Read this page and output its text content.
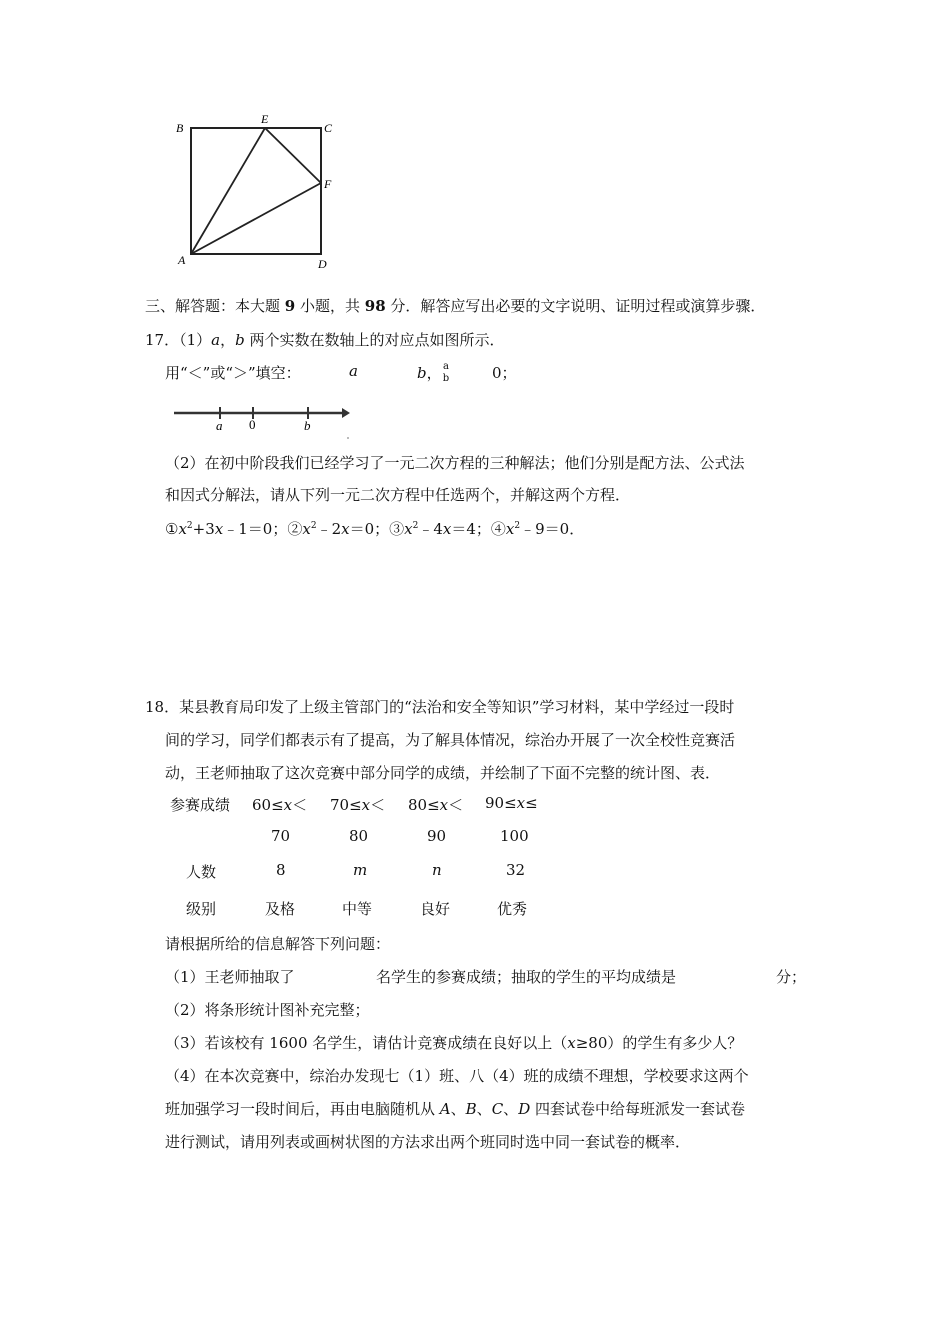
B
E
C
F
A	D
三、解答题：本大题 9 小题，共 98 分．解答应写出必要的文字说明、证明过程或演算步骤．
17．（1）a，b 两个实数在数轴上的对应点如图所示．
用“＜”或“＞”填空：	a	b， a
b	0；
a 0	b
（2）在初中阶段我们已经学习了一元二次方程的三种解法；他们分别是配方法、公式法
和因式分解法，请从下列一元二次方程中任选两个，并解这两个方程．
$①x^2+3x﹣1=0$；$②x^2﹣2x=0$；$③x^2﹣4x=4$；$④x^2﹣9=0$．
18．某县教育局印发了上级主管部门的“法治和安全等知识”学习材料，某中学经过一段时
间的学习，同学们都表示有了提高，为了解具体情况，综治办开展了一次全校性竞赛活
动，王老师抽取了这次竞赛中部分同学的成绩，并绘制了下面不完整的统计图、表．
参赛成绩 60≤x＜ 70≤x＜ 80≤x＜ 90≤x≤
70	80	90	100
人数	8	m	n	32
级别	及格	中等	良好	优秀
请根据所给的信息解答下列问题：
（1）王老师抽取了	名学生的参赛成绩；抽取的学生的平均成绩是	分；
（2）将条形统计图补充完整；
（3）若该校有 1600 名学生，请估计竞赛成绩在良好以上（x≥80）的学生有多少人？
（4）在本次竞赛中，综治办发现七（1）班、八（4）班的成绩不理想，学校要求这两个
班加强学习一段时间后，再由电脑随机从 A、B、C、D 四套试卷中给每班派发一套试卷
进行测试，请用列表或画树状图的方法求出两个班同时选中同一套试卷的概率．
